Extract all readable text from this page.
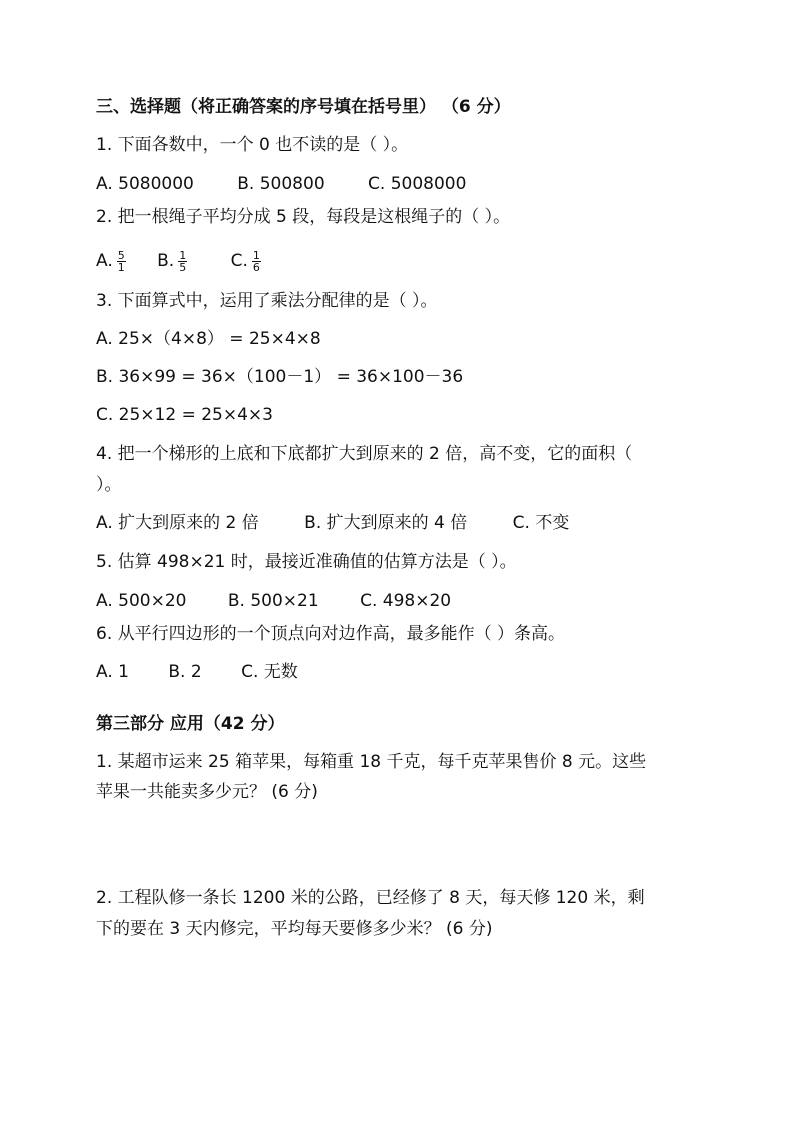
三、选择题（将正确答案的序号填在括号里） （6 分）
1. 下面各数中，一个 0 也不读的是（ ）。
A. 5080000	B. 500800	C. 5008000
2. 把一根绳子平均分成 5 段，每段是这根绳子的（ ）。
A. $\frac{5}{1} B$. $\frac{1}{5}$	C. $\frac{1}{6}$
3. 下面算式中，运用了乘法分配律的是（ ）。
A. 25×（4×8） = 25×4×8
B. 36×99 = 36×（100－1） = 36×100－36
C. 25×12 = 25×4×3
4. 把一个梯形的上底和下底都扩大到原来的 2 倍，高不变，它的面积（
）。
A. 扩大到原来的 2 倍	B. 扩大到原来的 4 倍	C. 不变
5. 估算 498×21 时，最接近准确值的估算方法是（ ）。
A. 500×20 B. 500×21 C. 498×20
6. 从平行四边形的一个顶点向对边作高，最多能作（ ）条高。
A. 1 B. 2 C. 无数
第三部分 应用（42 分）
1. 某超市运来 25 箱苹果，每箱重 18 千克，每千克苹果售价 8 元。这些
苹果一共能卖多少元？ (6 分)
2. 工程队修一条长 1200 米的公路，已经修了 8 天，每天修 120 米，剩
下的要在 3 天内修完，平均每天要修多少米？ (6 分)
